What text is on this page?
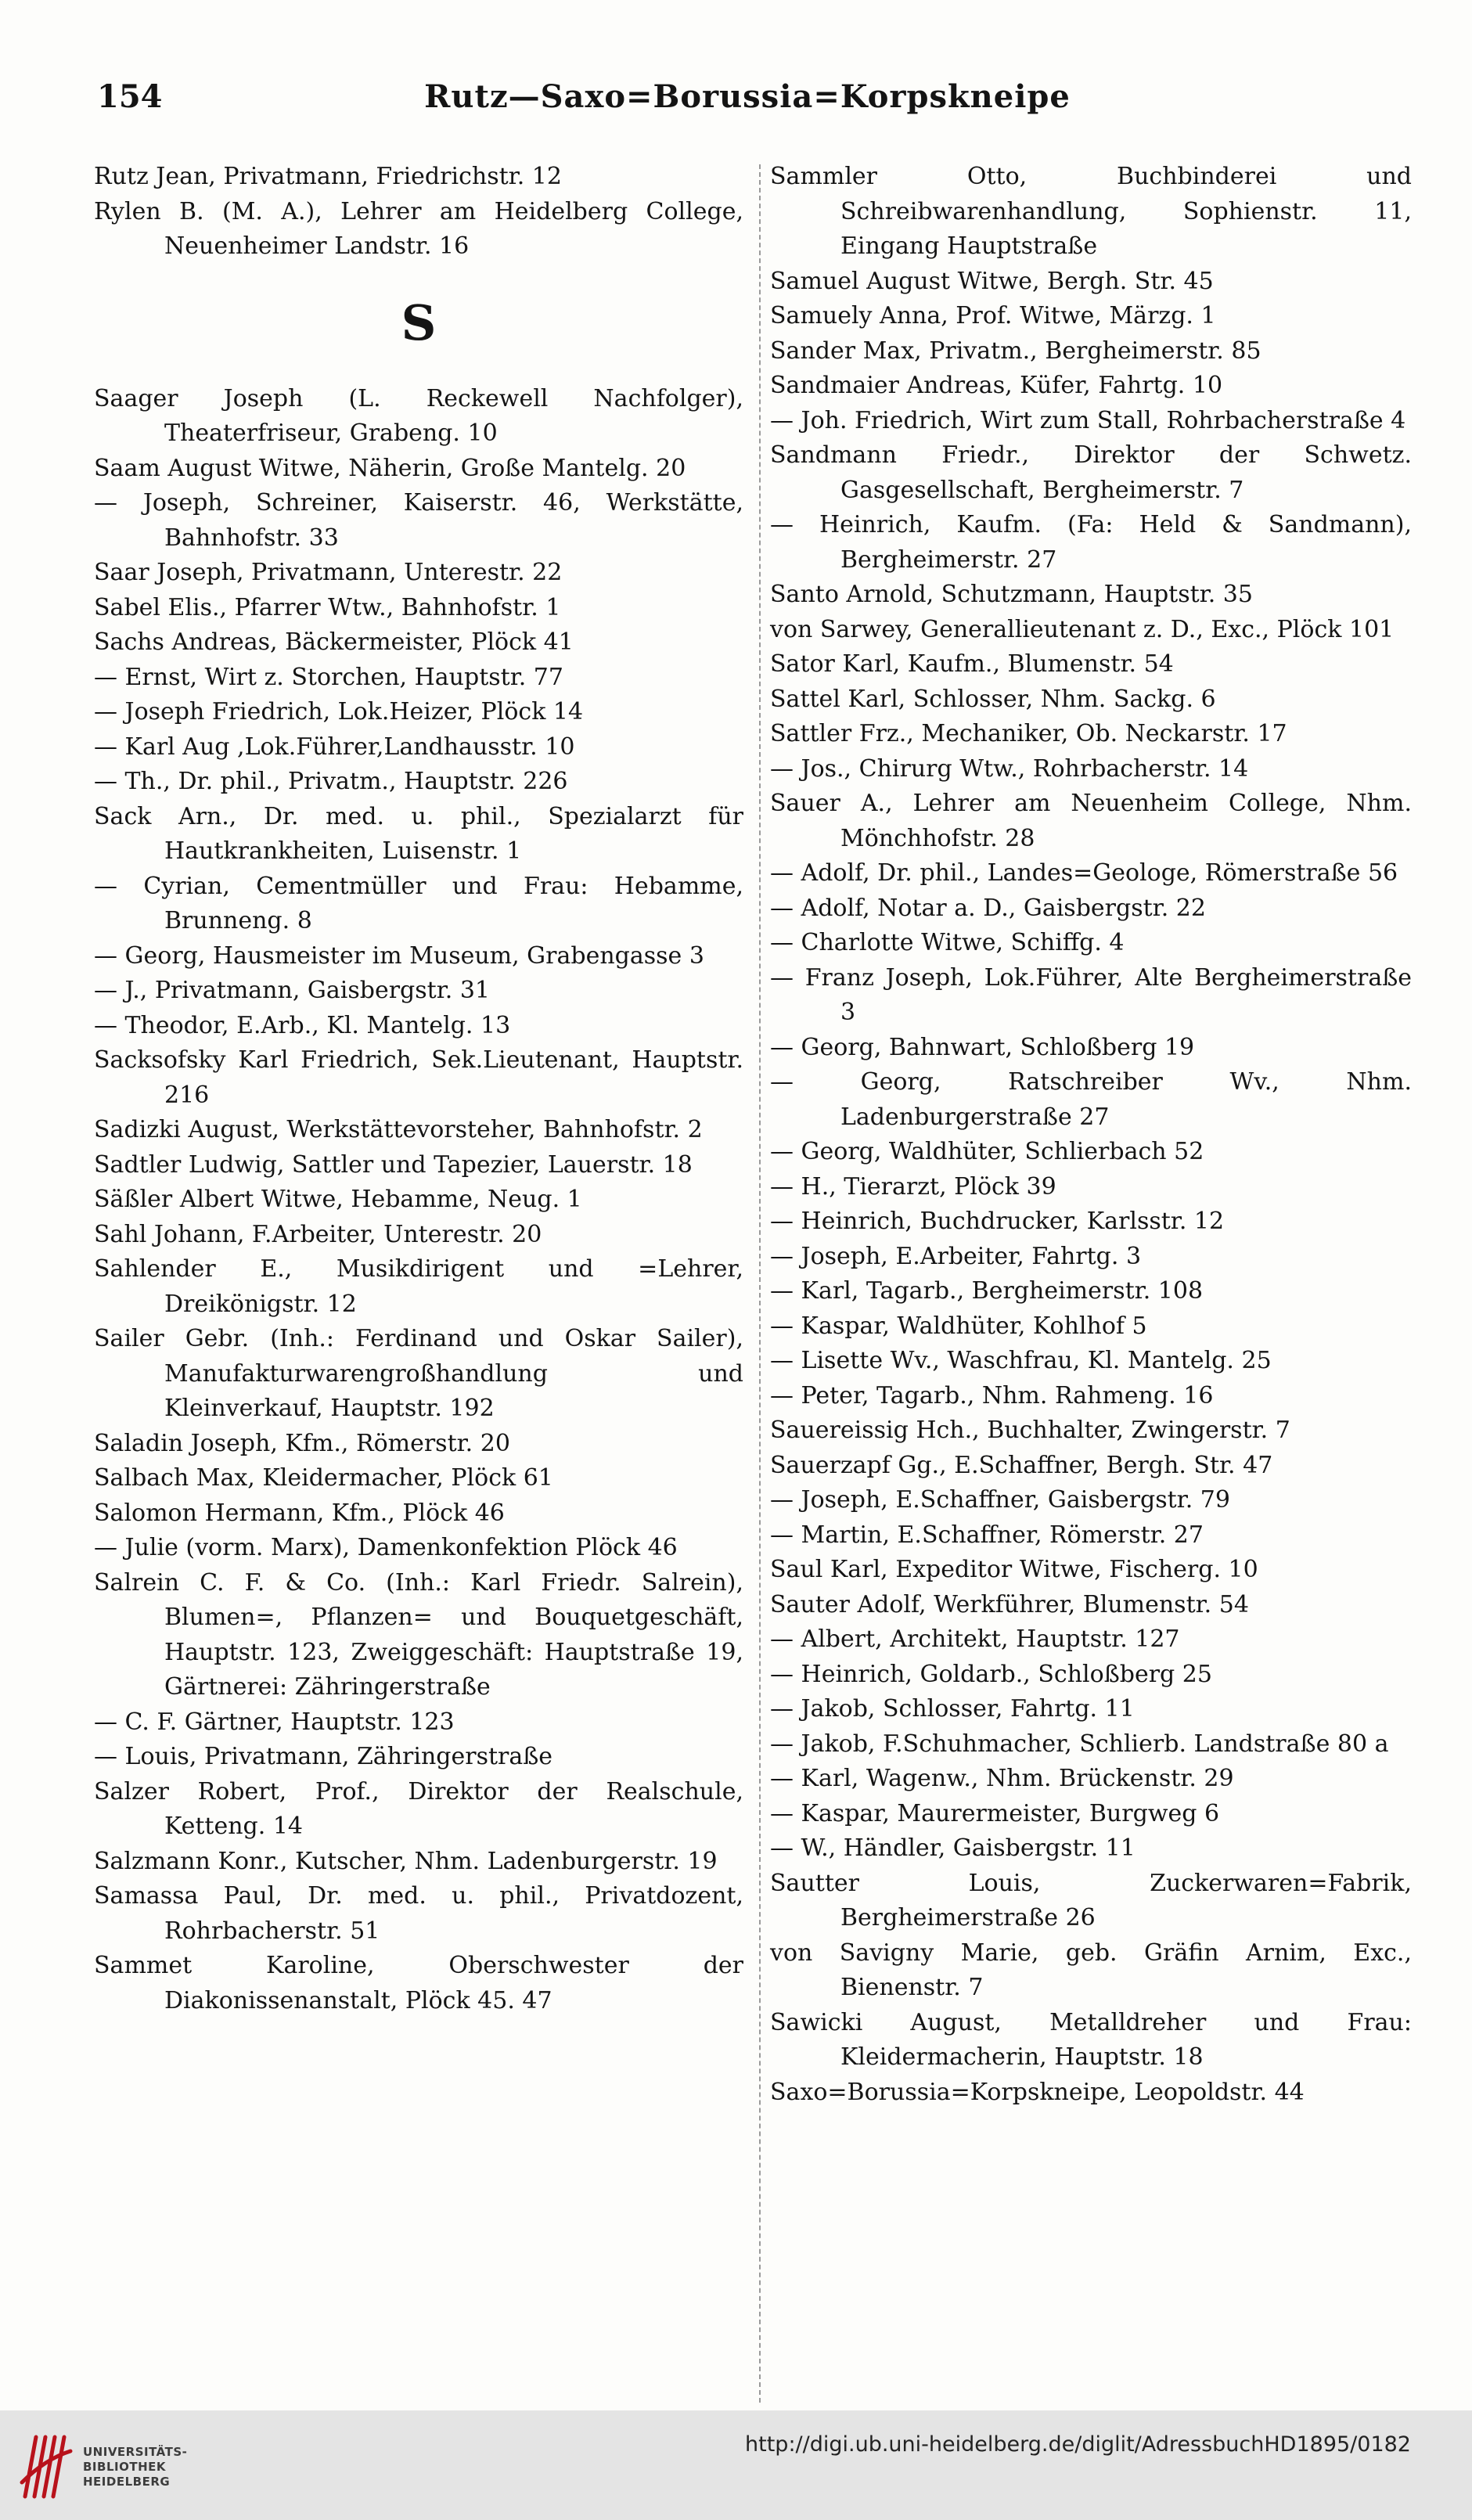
154	Rutz—Saxo=Borussia=Korpskneipe

Rutz Jean, Privatmann, Friedrichstr. 12

Rylen B. (M. A.), Lehrer am Heidelberg College, Neuenheimer Landstr. 16

S

Saager Joseph (L. Reckewell Nachfolger), Theaterfriseur, Grabeng. 10

Saam August Witwe, Näherin, Große Mantelg. 20

— Joseph, Schreiner, Kaiserstr. 46, Werkstätte, Bahnhofstr. 33

Saar Joseph, Privatmann, Unterestr. 22

Sabel Elis., Pfarrer Wtw., Bahnhofstr. 1

Sachs Andreas, Bäckermeister, Plöck 41

— Ernst, Wirt z. Storchen, Hauptstr. 77

— Joseph Friedrich, Lok.Heizer, Plöck 14

— Karl Aug ,Lok.Führer,Landhausstr. 10

— Th., Dr. phil., Privatm., Hauptstr. 226

Sack Arn., Dr. med. u. phil., Spezialarzt für Hautkrankheiten, Luisenstr. 1

— Cyrian, Cementmüller und Frau: Hebamme, Brunneng. 8

— Georg, Hausmeister im Museum, Grabengasse 3

— J., Privatmann, Gaisbergstr. 31

— Theodor, E.Arb., Kl. Mantelg. 13

Sacksofsky Karl Friedrich, Sek.Lieutenant, Hauptstr. 216

Sadizki August, Werkstättevorsteher, Bahnhofstr. 2

Sadtler Ludwig, Sattler und Tapezier, Lauerstr. 18

Säßler Albert Witwe, Hebamme, Neug. 1

Sahl Johann, F.Arbeiter, Unterestr. 20

Sahlender E., Musikdirigent und =Lehrer, Dreikönigstr. 12

Sailer Gebr. (Inh.: Ferdinand und Oskar Sailer), Manufakturwarengroßhandlung und Kleinverkauf, Hauptstr. 192

Saladin Joseph, Kfm., Römerstr. 20

Salbach Max, Kleidermacher, Plöck 61

Salomon Hermann, Kfm., Plöck 46

— Julie (vorm. Marx), Damenkonfektion Plöck 46

Salrein C. F. & Co. (Inh.: Karl Friedr. Salrein), Blumen=, Pflanzen= und Bouquetgeschäft, Hauptstr. 123, Zweiggeschäft: Hauptstraße 19, Gärtnerei: Zähringerstraße

— C. F. Gärtner, Hauptstr. 123

— Louis, Privatmann, Zähringerstraße

Salzer Robert, Prof., Direktor der Realschule, Ketteng. 14

Salzmann Konr., Kutscher, Nhm. Ladenburgerstr. 19

Samassa Paul, Dr. med. u. phil., Privatdozent, Rohrbacherstr. 51

Sammet Karoline, Oberschwester der Diakonissenanstalt, Plöck 45. 47

Sammler Otto, Buchbinderei und Schreibwarenhandlung, Sophienstr. 11, Eingang Hauptstraße

Samuel August Witwe, Bergh. Str. 45

Samuely Anna, Prof. Witwe, Märzg. 1

Sander Max, Privatm., Bergheimerstr. 85

Sandmaier Andreas, Küfer, Fahrtg. 10

— Joh. Friedrich, Wirt zum Stall, Rohrbacherstraße 4

Sandmann Friedr., Direktor der Schwetz. Gasgesellschaft, Bergheimerstr. 7

— Heinrich, Kaufm. (Fa: Held & Sandmann), Bergheimerstr. 27

Santo Arnold, Schutzmann, Hauptstr. 35

von Sarwey, Generallieutenant z. D., Exc., Plöck 101

Sator Karl, Kaufm., Blumenstr. 54

Sattel Karl, Schlosser, Nhm. Sackg. 6

Sattler Frz., Mechaniker, Ob. Neckarstr. 17

— Jos., Chirurg Wtw., Rohrbacherstr. 14

Sauer A., Lehrer am Neuenheim College, Nhm. Mönchhofstr. 28

— Adolf, Dr. phil., Landes=Geologe, Römerstraße 56

— Adolf, Notar a. D., Gaisbergstr. 22

— Charlotte Witwe, Schiffg. 4

— Franz Joseph, Lok.Führer, Alte Bergheimerstraße 3

— Georg, Bahnwart, Schloßberg 19

— Georg, Ratschreiber Wv., Nhm. Ladenburgerstraße 27

— Georg, Waldhüter, Schlierbach 52

— H., Tierarzt, Plöck 39

— Heinrich, Buchdrucker, Karlsstr. 12

— Joseph, E.Arbeiter, Fahrtg. 3

— Karl, Tagarb., Bergheimerstr. 108

— Kaspar, Waldhüter, Kohlhof 5

— Lisette Wv., Waschfrau, Kl. Mantelg. 25

— Peter, Tagarb., Nhm. Rahmeng. 16

Sauereissig Hch., Buchhalter, Zwingerstr. 7

Sauerzapf Gg., E.Schaffner, Bergh. Str. 47

— Joseph, E.Schaffner, Gaisbergstr. 79

— Martin, E.Schaffner, Römerstr. 27

Saul Karl, Expeditor Witwe, Fischerg. 10

Sauter Adolf, Werkführer, Blumenstr. 54

— Albert, Architekt, Hauptstr. 127

— Heinrich, Goldarb., Schloßberg 25

— Jakob, Schlosser, Fahrtg. 11

— Jakob, F.Schuhmacher, Schlierb. Landstraße 80 a

— Karl, Wagenw., Nhm. Brückenstr. 29

— Kaspar, Maurermeister, Burgweg 6

— W., Händler, Gaisbergstr. 11

Sautter Louis, Zuckerwaren=Fabrik, Bergheimerstraße 26

von Savigny Marie, geb. Gräfin Arnim, Exc., Bienenstr. 7

Sawicki August, Metalldreher und Frau: Kleidermacherin, Hauptstr. 18

Saxo=Borussia=Korpskneipe, Leopoldstr. 44

UNIVERSITÄTS-
BIBLIOTHEK
HEIDELBERG
http://digi.ub.uni-heidelberg.de/diglit/AdressbuchHD1895/0182
